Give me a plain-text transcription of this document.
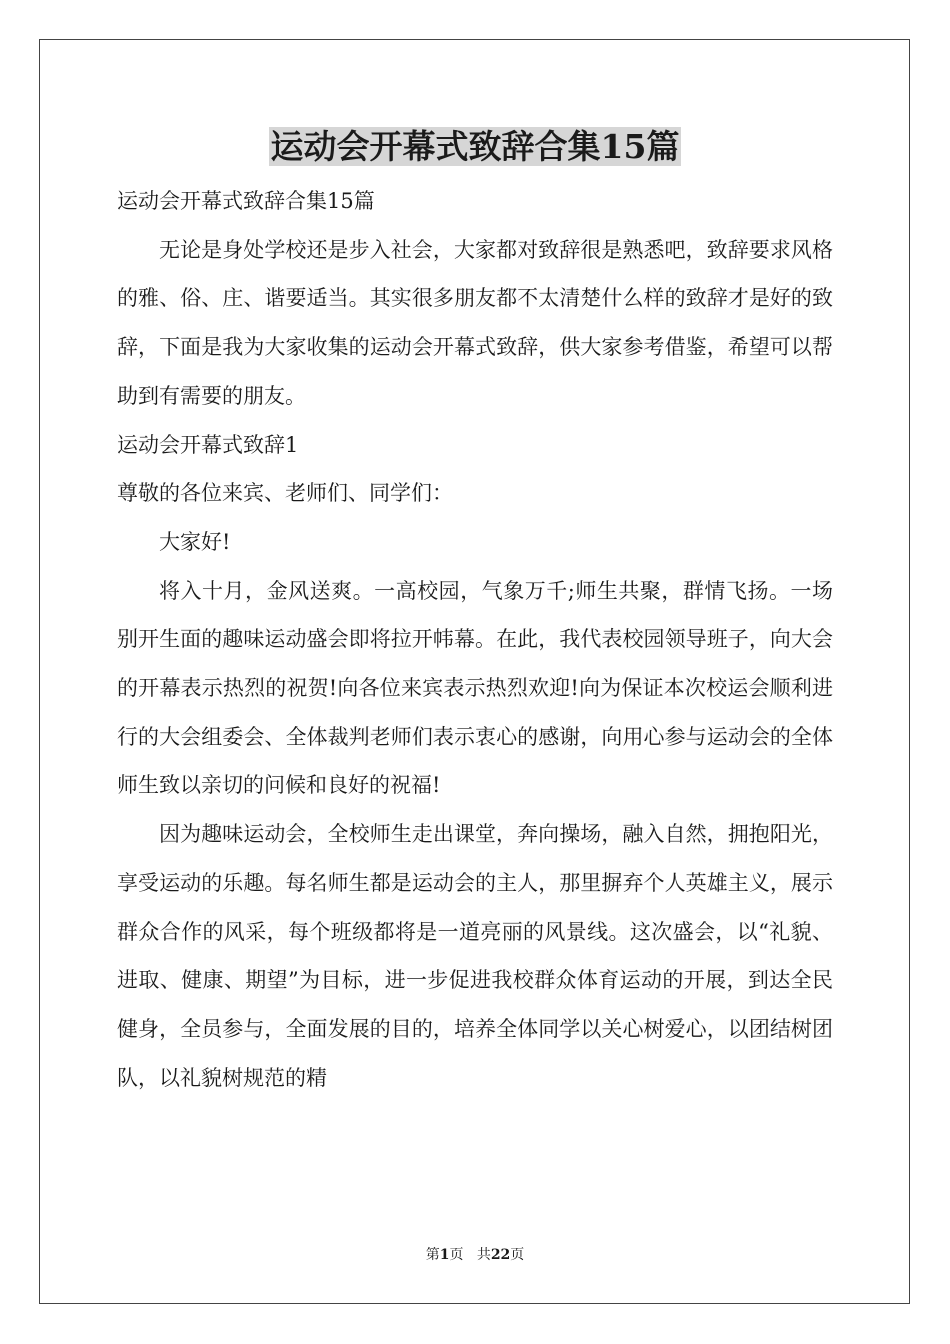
运动会开幕式致辞合集15篇

运动会开幕式致辞合集15篇

无论是身处学校还是步入社会，大家都对致辞很是熟悉吧，致辞要求风格的雅、俗、庄、谐要适当。其实很多朋友都不太清楚什么样的致辞才是好的致辞，下面是我为大家收集的运动会开幕式致辞，供大家参考借鉴，希望可以帮助到有需要的朋友。

运动会开幕式致辞1

尊敬的各位来宾、老师们、同学们：

大家好!

将入十月，金风送爽。一高校园，气象万千;师生共聚，群情飞扬。一场别开生面的趣味运动盛会即将拉开帏幕。在此，我代表校园领导班子，向大会的开幕表示热烈的祝贺!向各位来宾表示热烈欢迎!向为保证本次校运会顺利进行的大会组委会、全体裁判老师们表示衷心的感谢，向用心参与运动会的全体师生致以亲切的问候和良好的祝福!

因为趣味运动会，全校师生走出课堂，奔向操场，融入自然，拥抱阳光，享受运动的乐趣。每名师生都是运动会的主人，那里摒弃个人英雄主义，展示群众合作的风采，每个班级都将是一道亮丽的风景线。这次盛会，以“礼貌、进取、健康、期望”为目标，进一步促进我校群众体育运动的开展，到达全民健身，全员参与，全面发展的目的，培养全体同学以关心树爱心，以团结树团队，以礼貌树规范的精

第1页 共22页
